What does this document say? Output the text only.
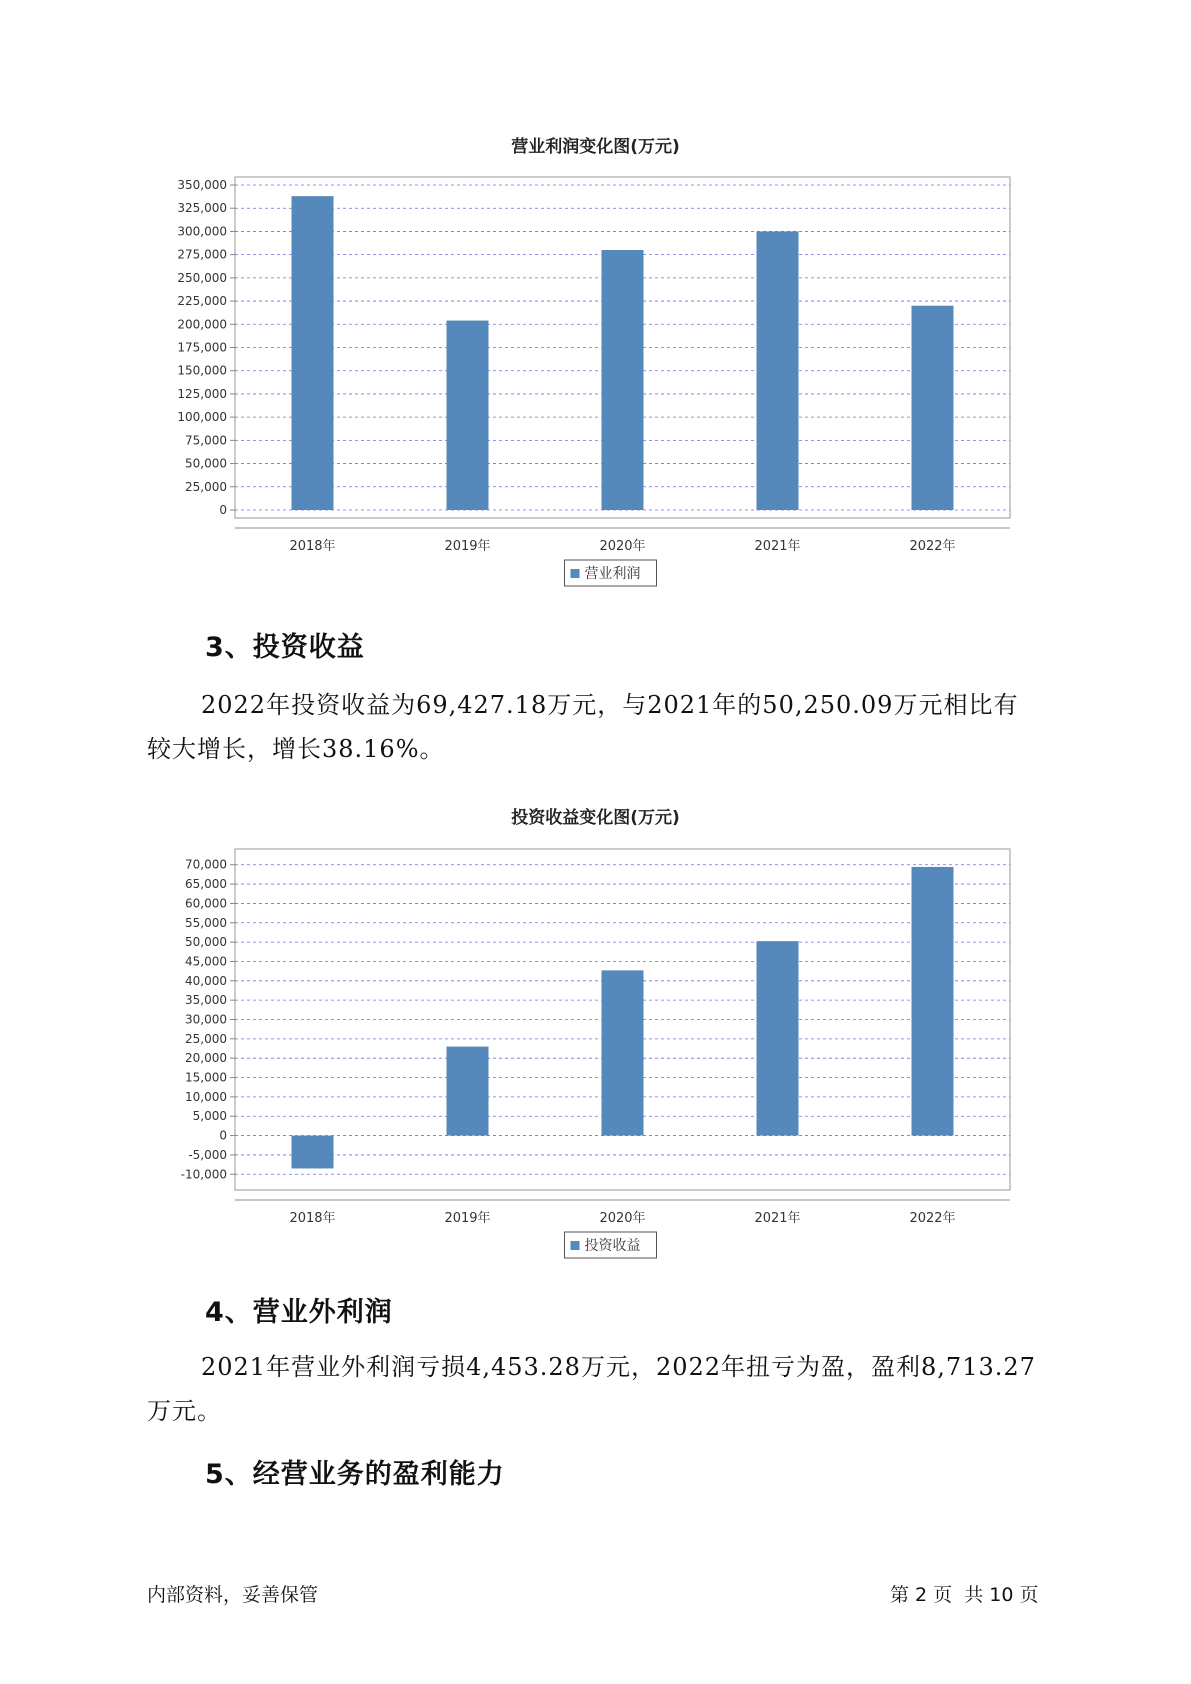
营业利润变化图(万元)
0
25,000
50,000
75,000
100,000
125,000
150,000
175,000
200,000
225,000
250,000
275,000
300,000
325,000
350,000
2018年	2019年	2020年	2021年	2022年
营业利润
3、投资收益
2022年投资收益为69,427.18万元，与2021年的50,250.09万元相比有
较大增长，增长38.16%。
投资收益变化图(万元)
-10,000
-5,000
0
5,000
10,000
15,000
20,000
25,000
30,000
35,000
40,000
45,000
50,000
55,000
60,000
65,000
70,000
2018年	2019年	2020年	2021年	2022年
投资收益
4、营业外利润
2021年营业外利润亏损4,453.28万元，2022年扭亏为盈，盈利8,713.27
万元。
5、经营业务的盈利能力
内部资料，妥善保管	第 2 页  共 10 页
